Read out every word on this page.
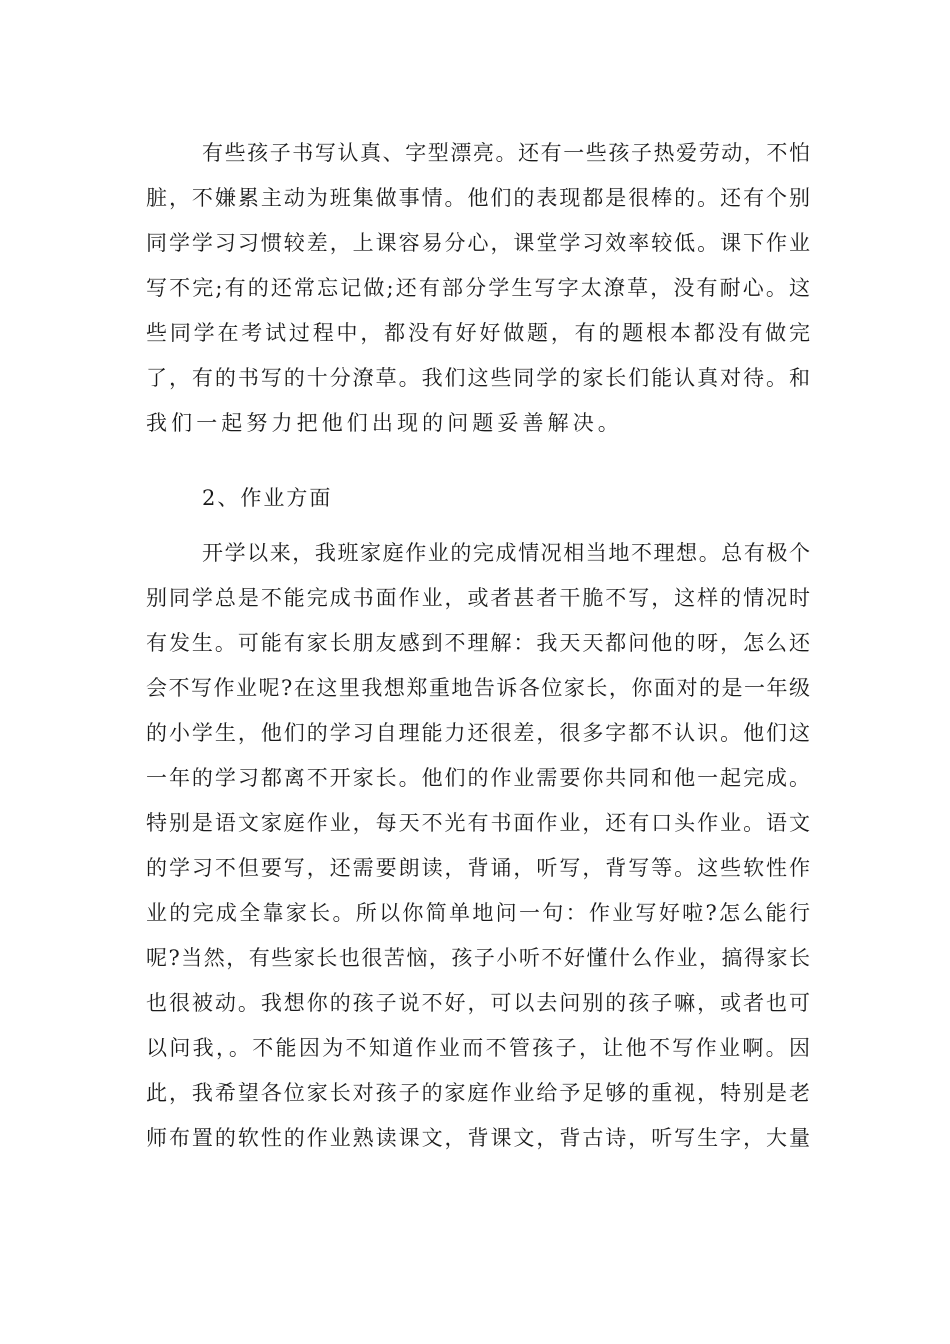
有些孩子书写认真、字型漂亮。还有一些孩子热爱劳动，不怕
脏，不嫌累主动为班集做事情。他们的表现都是很棒的。还有个别
同学学习习惯较差，上课容易分心，课堂学习效率较低。课下作业
写不完;有的还常忘记做;还有部分学生写字太潦草，没有耐心。这
些同学在考试过程中，都没有好好做题，有的题根本都没有做完
了，有的书写的十分潦草。我们这些同学的家长们能认真对待。和
我们一起努力把他们出现的问题妥善解决。
2、作业方面
开学以来，我班家庭作业的完成情况相当地不理想。总有极个
别同学总是不能完成书面作业，或者甚者干脆不写，这样的情况时
有发生。可能有家长朋友感到不理解：我天天都问他的呀，怎么还
会不写作业呢?在这里我想郑重地告诉各位家长，你面对的是一年级
的小学生，他们的学习自理能力还很差，很多字都不认识。他们这
一年的学习都离不开家长。他们的作业需要你共同和他一起完成。
特别是语文家庭作业，每天不光有书面作业，还有口头作业。语文
的学习不但要写，还需要朗读，背诵，听写，背写等。这些软性作
业的完成全靠家长。所以你简单地问一句：作业写好啦?怎么能行
呢?当然，有些家长也很苦恼，孩子小听不好懂什么作业，搞得家长
也很被动。我想你的孩子说不好，可以去问别的孩子嘛，或者也可
以问我，。不能因为不知道作业而不管孩子，让他不写作业啊。因
此，我希望各位家长对孩子的家庭作业给予足够的重视，特别是老
师布置的软性的作业熟读课文，背课文，背古诗，听写生字，大量
